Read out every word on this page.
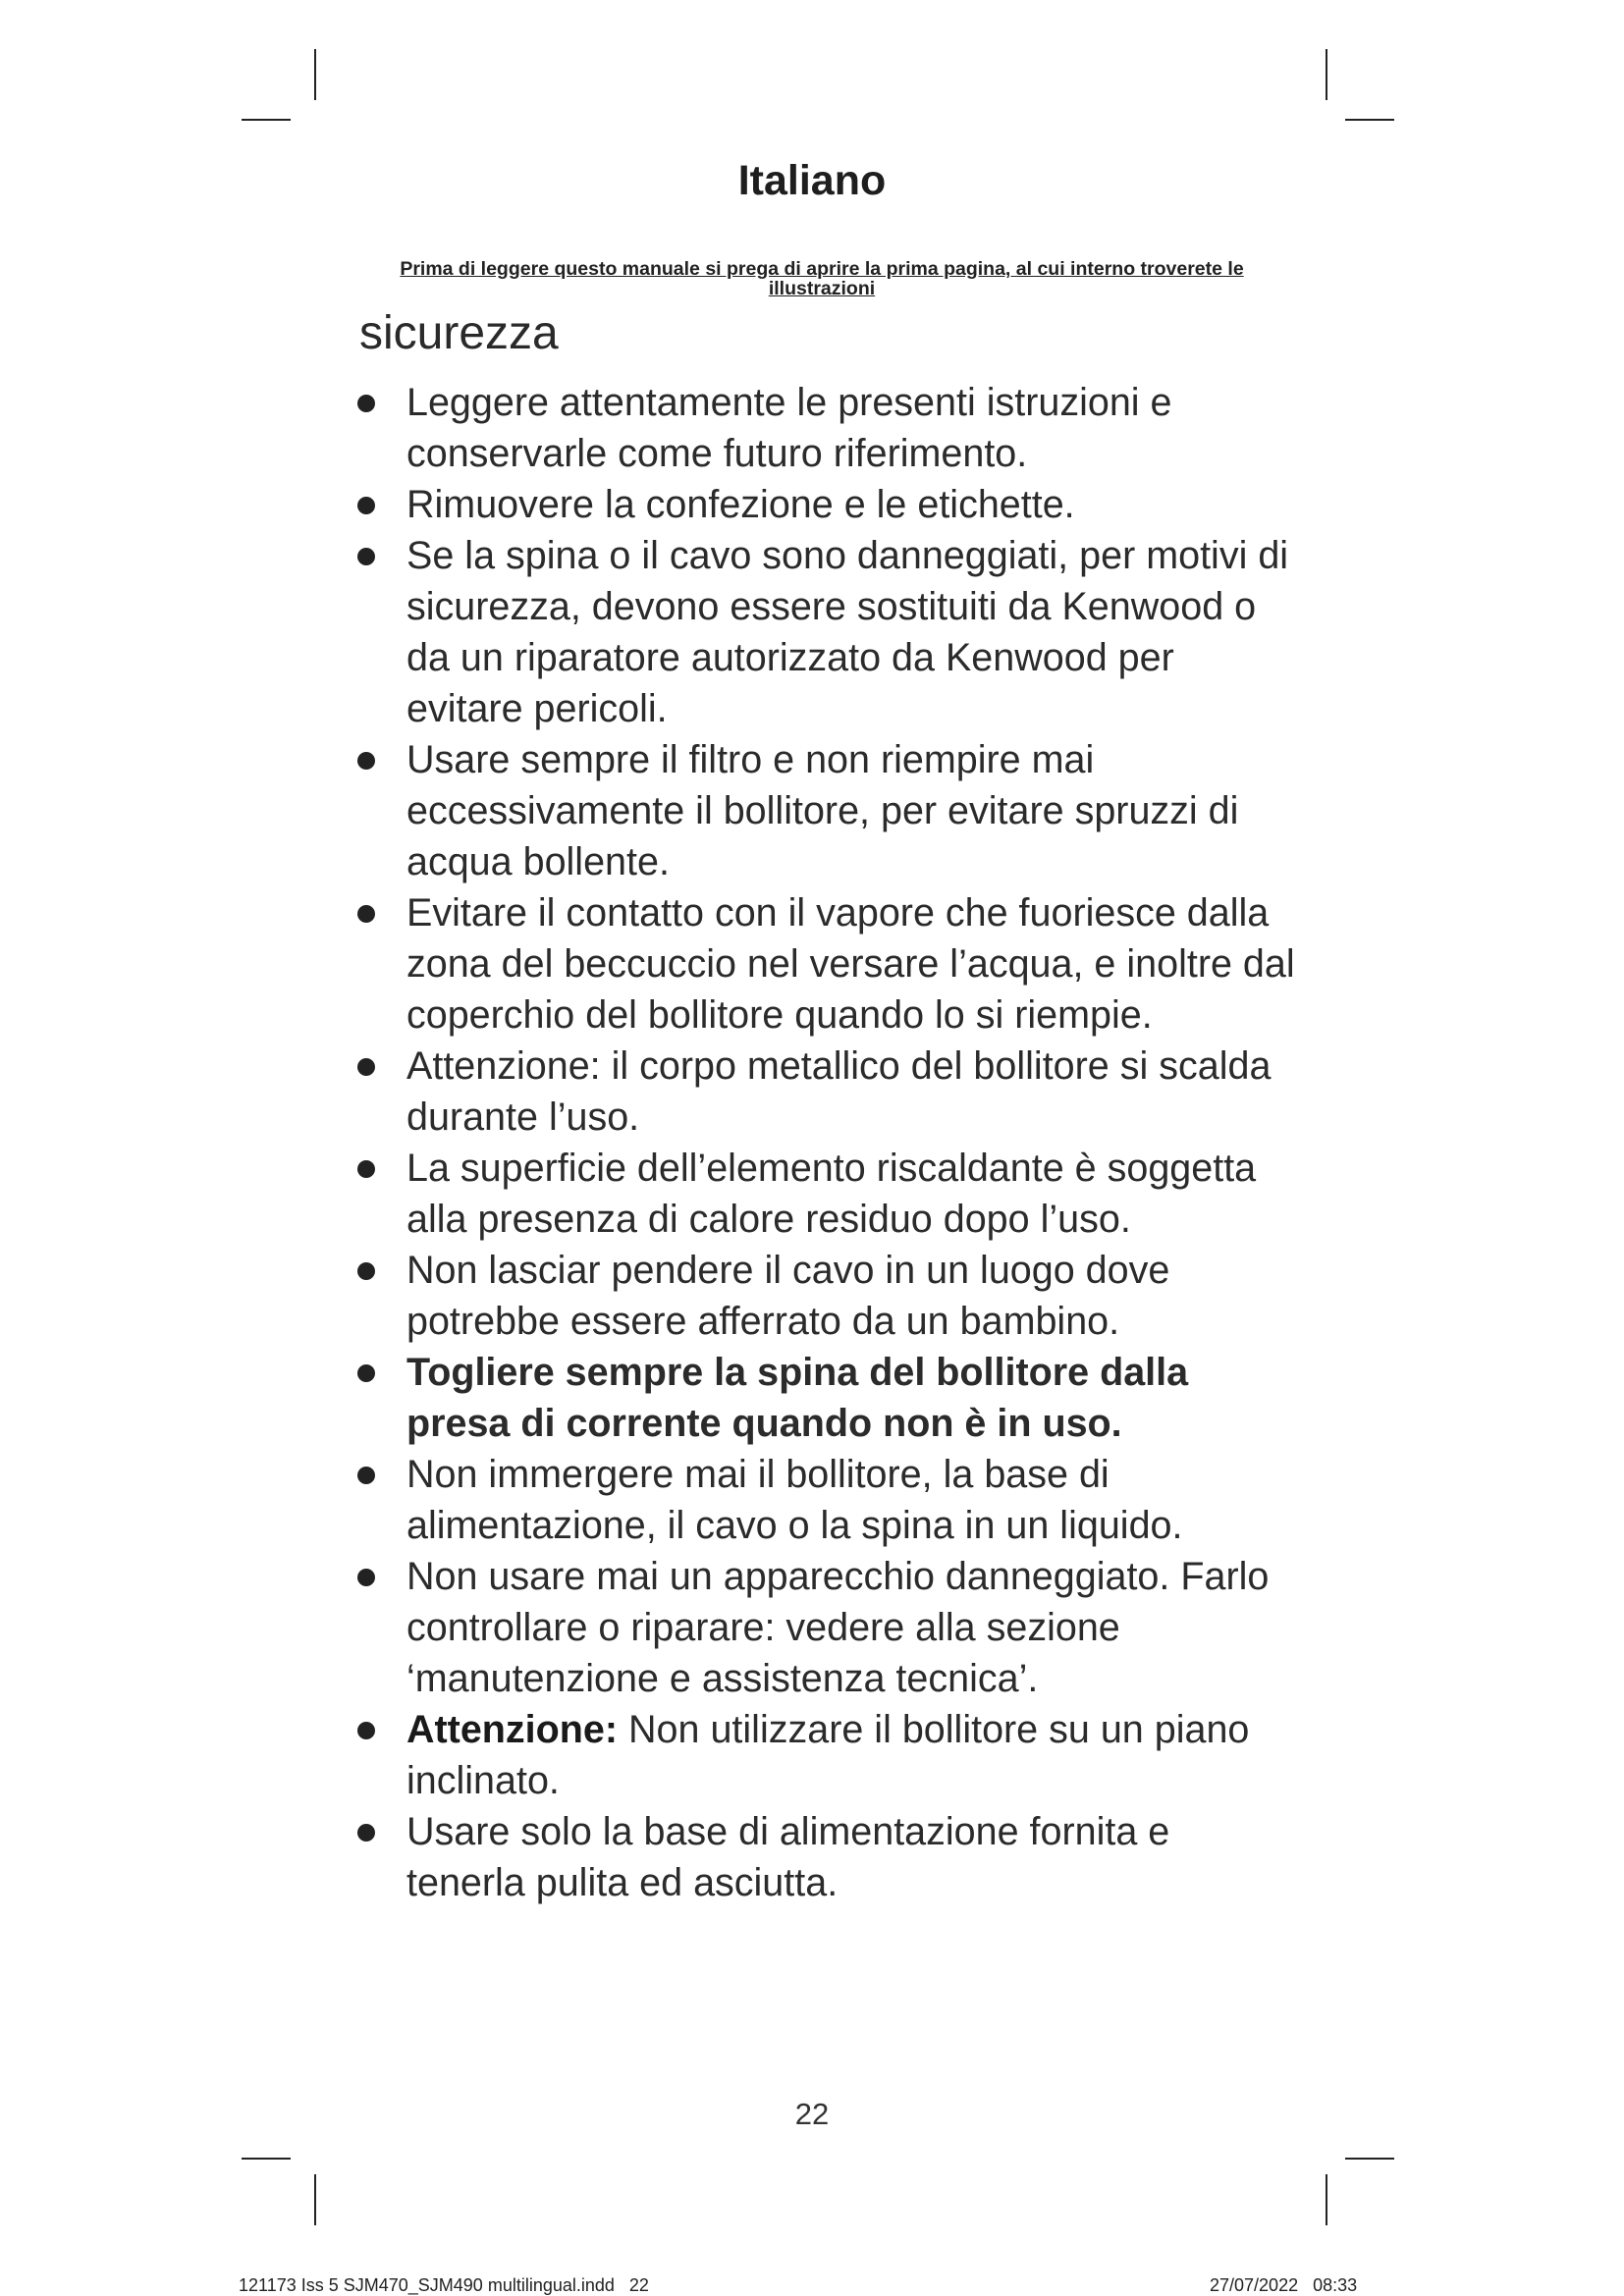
Italiano
Prima di leggere questo manuale si prega di aprire la prima pagina, al cui interno troverete le illustrazioni
sicurezza
Leggere attentamente le presenti istruzioni e conservarle come futuro riferimento.
Rimuovere la confezione e le etichette.
Se la spina o il cavo sono danneggiati, per motivi di sicurezza, devono essere sostituiti da Kenwood o da un riparatore autorizzato da Kenwood per evitare pericoli.
Usare sempre il filtro e non riempire mai eccessivamente il bollitore, per evitare spruzzi di acqua bollente.
Evitare il contatto con il vapore che fuoriesce dalla zona del beccuccio nel versare l’acqua, e inoltre dal coperchio del bollitore quando lo si riempie.
Attenzione: il corpo metallico del bollitore si scalda durante l’uso.
La superficie dell’elemento riscaldante è soggetta alla presenza di calore residuo dopo l’uso.
Non lasciar pendere il cavo in un luogo dove potrebbe essere afferrato da un bambino.
Togliere sempre la spina del bollitore dalla presa di corrente quando non è in uso.
Non immergere mai il bollitore, la base di alimentazione, il cavo o la spina in un liquido.
Non usare mai un apparecchio danneggiato. Farlo controllare o riparare: vedere alla sezione ‘manutenzione e assistenza tecnica’.
Attenzione: Non utilizzare il bollitore su un piano inclinato.
Usare solo la base di alimentazione fornita e tenerla pulita ed asciutta.
22
121173 Iss 5 SJM470_SJM490 multilingual.indd   22	27/07/2022   08:33
